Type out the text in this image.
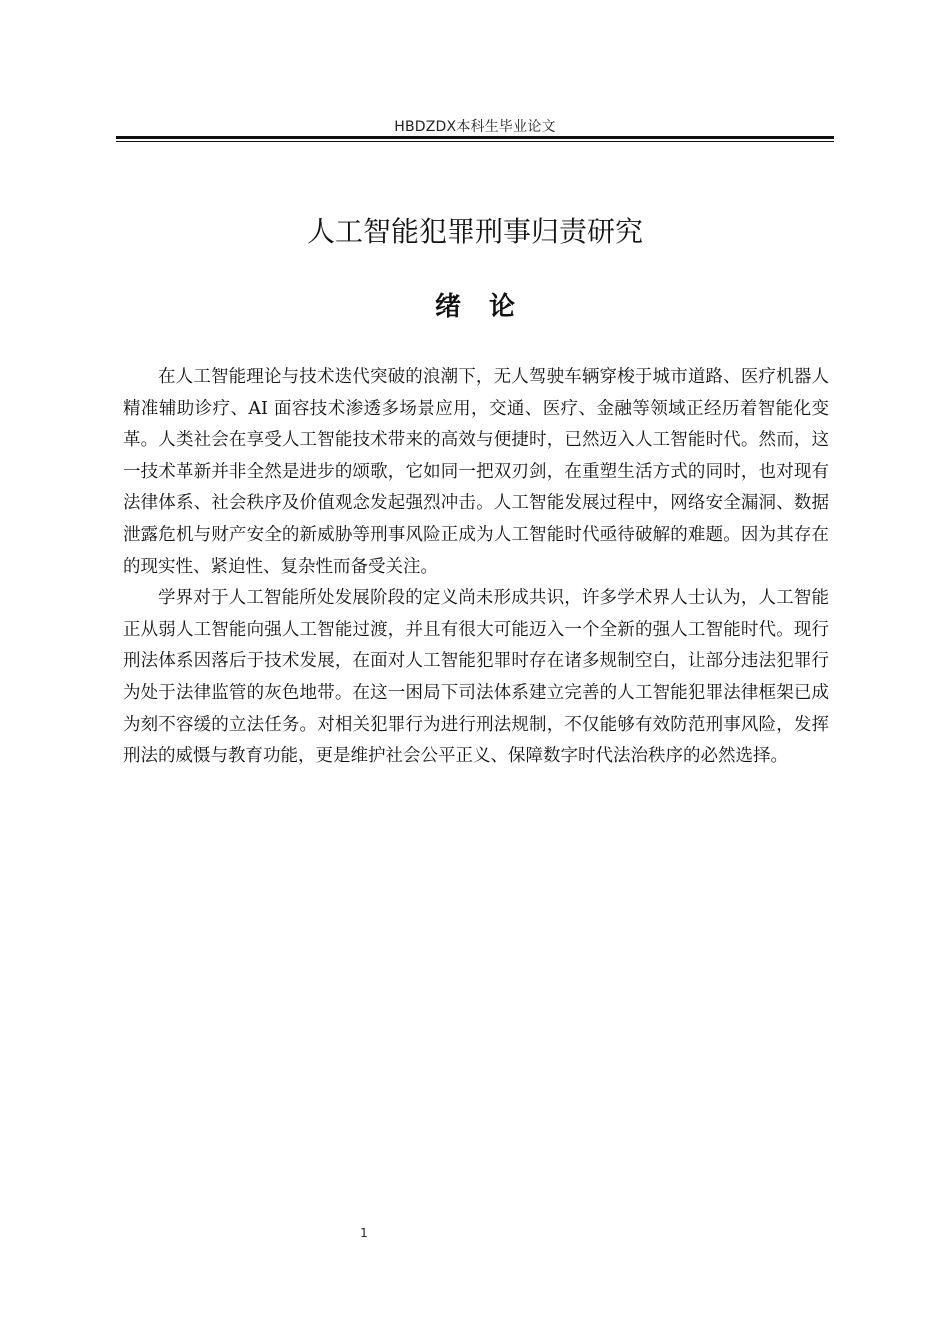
HBDZDX本科生毕业论文
人工智能犯罪刑事归责研究
绪论

在人工智能理论与技术迭代突破的浪潮下，无人驾驶车辆穿梭于城市道路、医疗机器人精准辅助诊疗、AI 面容技术渗透多场景应用，交通、医疗、金融等领域正经历着智能化变革。人类社会在享受人工智能技术带来的高效与便捷时，已然迈入人工智能时代。然而，这一技术革新并非全然是进步的颂歌，它如同一把双刃剑，在重塑生活方式的同时，也对现有法律体系、社会秩序及价值观念发起强烈冲击。人工智能发展过程中，网络安全漏洞、数据泄露危机与财产安全的新威胁等刑事风险正成为人工智能时代亟待破解的难题。因为其存在的现实性、紧迫性、复杂性而备受关注。

学界对于人工智能所处发展阶段的定义尚未形成共识，许多学术界人士认为，人工智能正从弱人工智能向强人工智能过渡，并且有很大可能迈入一个全新的强人工智能时代。现行刑法体系因落后于技术发展，在面对人工智能犯罪时存在诸多规制空白，让部分违法犯罪行为处于法律监管的灰色地带。在这一困局下司法体系建立完善的人工智能犯罪法律框架已成为刻不容缓的立法任务。对相关犯罪行为进行刑法规制，不仅能够有效防范刑事风险，发挥刑法的威慑与教育功能，更是维护社会公平正义、保障数字时代法治秩序的必然选择。

1
